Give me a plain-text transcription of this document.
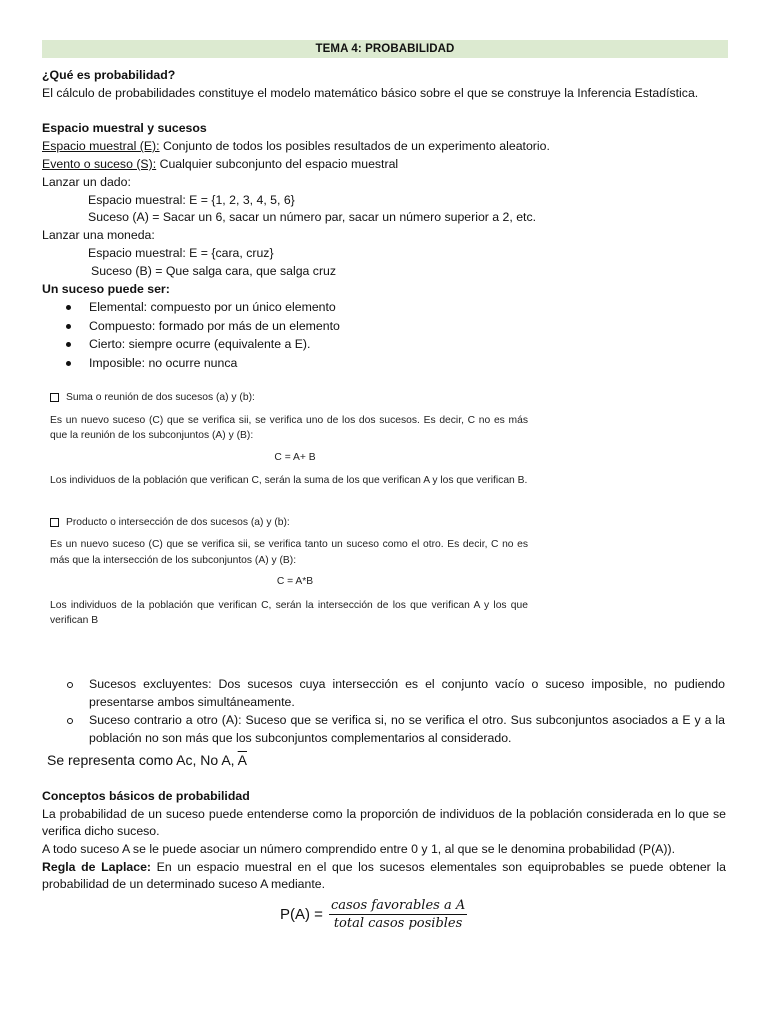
TEMA 4: PROBABILIDAD
¿Qué es probabilidad?
El cálculo de probabilidades constituye el modelo matemático básico sobre el que se construye la Inferencia Estadística.
Espacio muestral y sucesos
Espacio muestral (E): Conjunto de todos los posibles resultados de un experimento aleatorio.
Evento o suceso (S): Cualquier subconjunto del espacio muestral
Lanzar un dado:
Espacio muestral: E = {1, 2, 3, 4, 5, 6}
Suceso (A) = Sacar un 6, sacar un número par, sacar un número superior a 2, etc.
Lanzar una moneda:
Espacio muestral: E = {cara, cruz}
Suceso (B) = Que salga cara, que salga cruz
Un suceso puede ser:
Elemental: compuesto por un único elemento
Compuesto: formado por más de un elemento
Cierto: siempre ocurre (equivalente a E).
Imposible: no ocurre nunca
Suma o reunión de dos sucesos (a) y (b):
Es un nuevo suceso (C) que se verifica sii, se verifica uno de los dos sucesos. Es decir, C no es más que la reunión de los subconjuntos (A) y (B):
C = A+ B
Los individuos de la población que verifican C, serán la suma de los que verifican A y los que verifican B.
Producto o intersección de dos sucesos (a) y (b):
Es un nuevo suceso (C) que se verifica sii, se verifica tanto un suceso como el otro. Es decir, C no es más que la intersección de los subconjuntos (A) y (B):
C = A*B
Los individuos de la población que verifican C, serán la intersección de los que verifican A y los que verifican B
Sucesos excluyentes: Dos sucesos cuya intersección es el conjunto vacío o suceso imposible, no pudiendo presentarse ambos simultáneamente.
Suceso contrario a otro (A): Suceso que se verifica si, no se verifica el otro. Sus subconjuntos asociados a E y a la población no son más que los subconjuntos complementarios al considerado.
Se representa como Ac, No A, $\overline{A}$
Conceptos básicos de probabilidad
La probabilidad de un suceso puede entenderse como la proporción de individuos de la población considerada en lo que se verifica dicho suceso.
A todo suceso A se le puede asociar un número comprendido entre 0 y 1, al que se le denomina probabilidad (P(A)).
Regla de Laplace: En un espacio muestral en el que los sucesos elementales son equiprobables se puede obtener la probabilidad de un determinado suceso A mediante.
$P(A) = \frac{\text{casos favorables a A}}{\text{total casos posibles}}$
